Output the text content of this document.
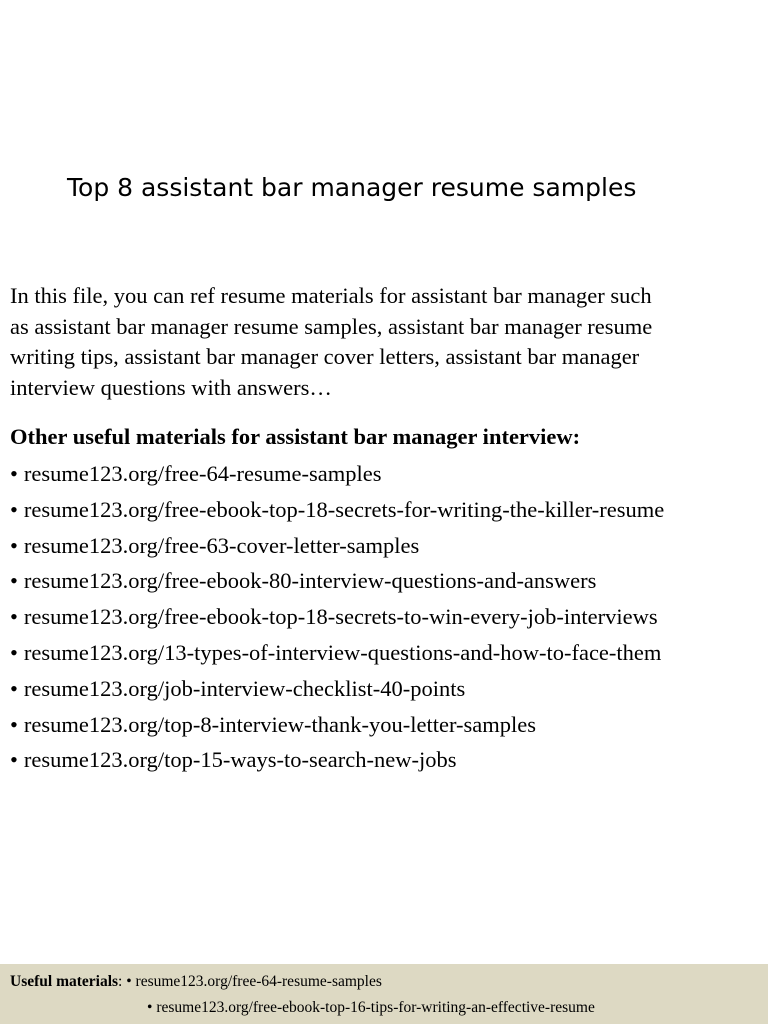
Top 8 assistant bar manager resume samples
In this file, you can ref resume materials for assistant bar manager such
as assistant bar manager resume samples, assistant bar manager resume
writing tips, assistant bar manager cover letters, assistant bar manager
interview questions with answers…
Other useful materials for assistant bar manager interview:
• resume123.org/free-64-resume-samples
• resume123.org/free-ebook-top-18-secrets-for-writing-the-killer-resume
• resume123.org/free-63-cover-letter-samples
• resume123.org/free-ebook-80-interview-questions-and-answers
• resume123.org/free-ebook-top-18-secrets-to-win-every-job-interviews
• resume123.org/13-types-of-interview-questions-and-how-to-face-them
• resume123.org/job-interview-checklist-40-points
• resume123.org/top-8-interview-thank-you-letter-samples
• resume123.org/top-15-ways-to-search-new-jobs
Useful materials: • resume123.org/free-64-resume-samples
• resume123.org/free-ebook-top-16-tips-for-writing-an-effective-resume
